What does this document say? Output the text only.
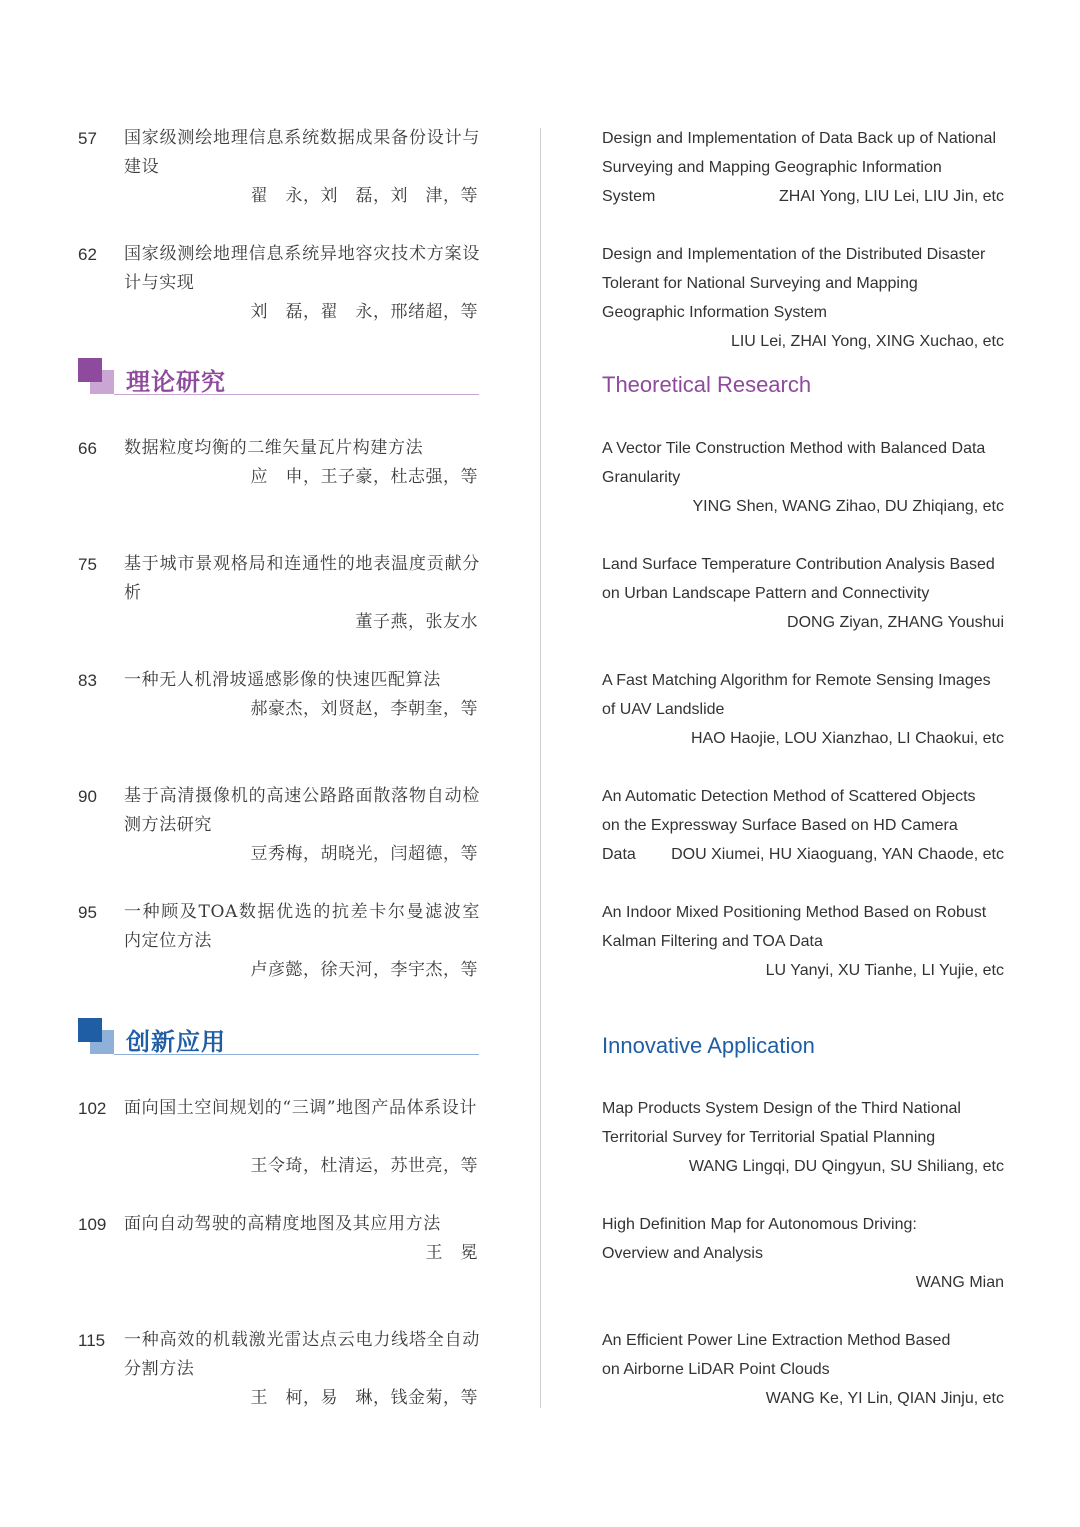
57 国家级测绘地理信息系统数据成果备份设计与建设
翟　永，刘　磊，刘　津，等
Design and Implementation of Data Back up of National Surveying and Mapping Geographic Information System	ZHAI Yong, LIU Lei, LIU Jin, etc
62 国家级测绘地理信息系统异地容灾技术方案设计与实现
刘　磊，翟　永，邢绪超，等
Design and Implementation of the Distributed Disaster Tolerant for National Surveying and Mapping Geographic Information System
LIU Lei, ZHAI Yong, XING Xuchao, etc
理论研究	Theoretical Research
66 数据粒度均衡的二维矢量瓦片构建方法
应　申，王子豪，杜志强，等
A Vector Tile Construction Method with Balanced Data Granularity
YING Shen, WANG Zihao, DU Zhiqiang, etc
75 基于城市景观格局和连通性的地表温度贡献分析
董子燕，张友水
Land Surface Temperature Contribution Analysis Based on Urban Landscape Pattern and Connectivity
DONG Ziyan, ZHANG Youshui
83 一种无人机滑坡遥感影像的快速匹配算法
郝豪杰，刘贤赵，李朝奎，等
A Fast Matching Algorithm for Remote Sensing Images of UAV Landslide
HAO Haojie, LOU Xianzhao, LI Chaokui, etc
90 基于高清摄像机的高速公路路面散落物自动检测方法研究
豆秀梅，胡晓光，闫超德，等
An Automatic Detection Method of Scattered Objects on the Expressway Surface Based on HD Camera Data	DOU Xiumei, HU Xiaoguang, YAN Chaode, etc
95 一种顾及TOA数据优选的抗差卡尔曼滤波室内定位方法
卢彦懿，徐天河，李宇杰，等
An Indoor Mixed Positioning Method Based on Robust Kalman Filtering and TOA Data
LU Yanyi, XU Tianhe, LI Yujie, etc
创新应用	Innovative Application
102 面向国土空间规划的“三调”地图产品体系设计
王令琦，杜清运，苏世亮，等
Map Products System Design of the Third National Territorial Survey for Territorial Spatial Planning
WANG Lingqi, DU Qingyun, SU Shiliang, etc
109 面向自动驾驶的高精度地图及其应用方法
王　冕
High Definition Map for Autonomous Driving: Overview and Analysis
WANG Mian
115 一种高效的机载激光雷达点云电力线塔全自动分割方法
王　柯，易　琳，钱金菊，等
An Efficient Power Line Extraction Method Based on Airborne LiDAR Point Clouds
WANG Ke, YI Lin, QIAN Jinju, etc
